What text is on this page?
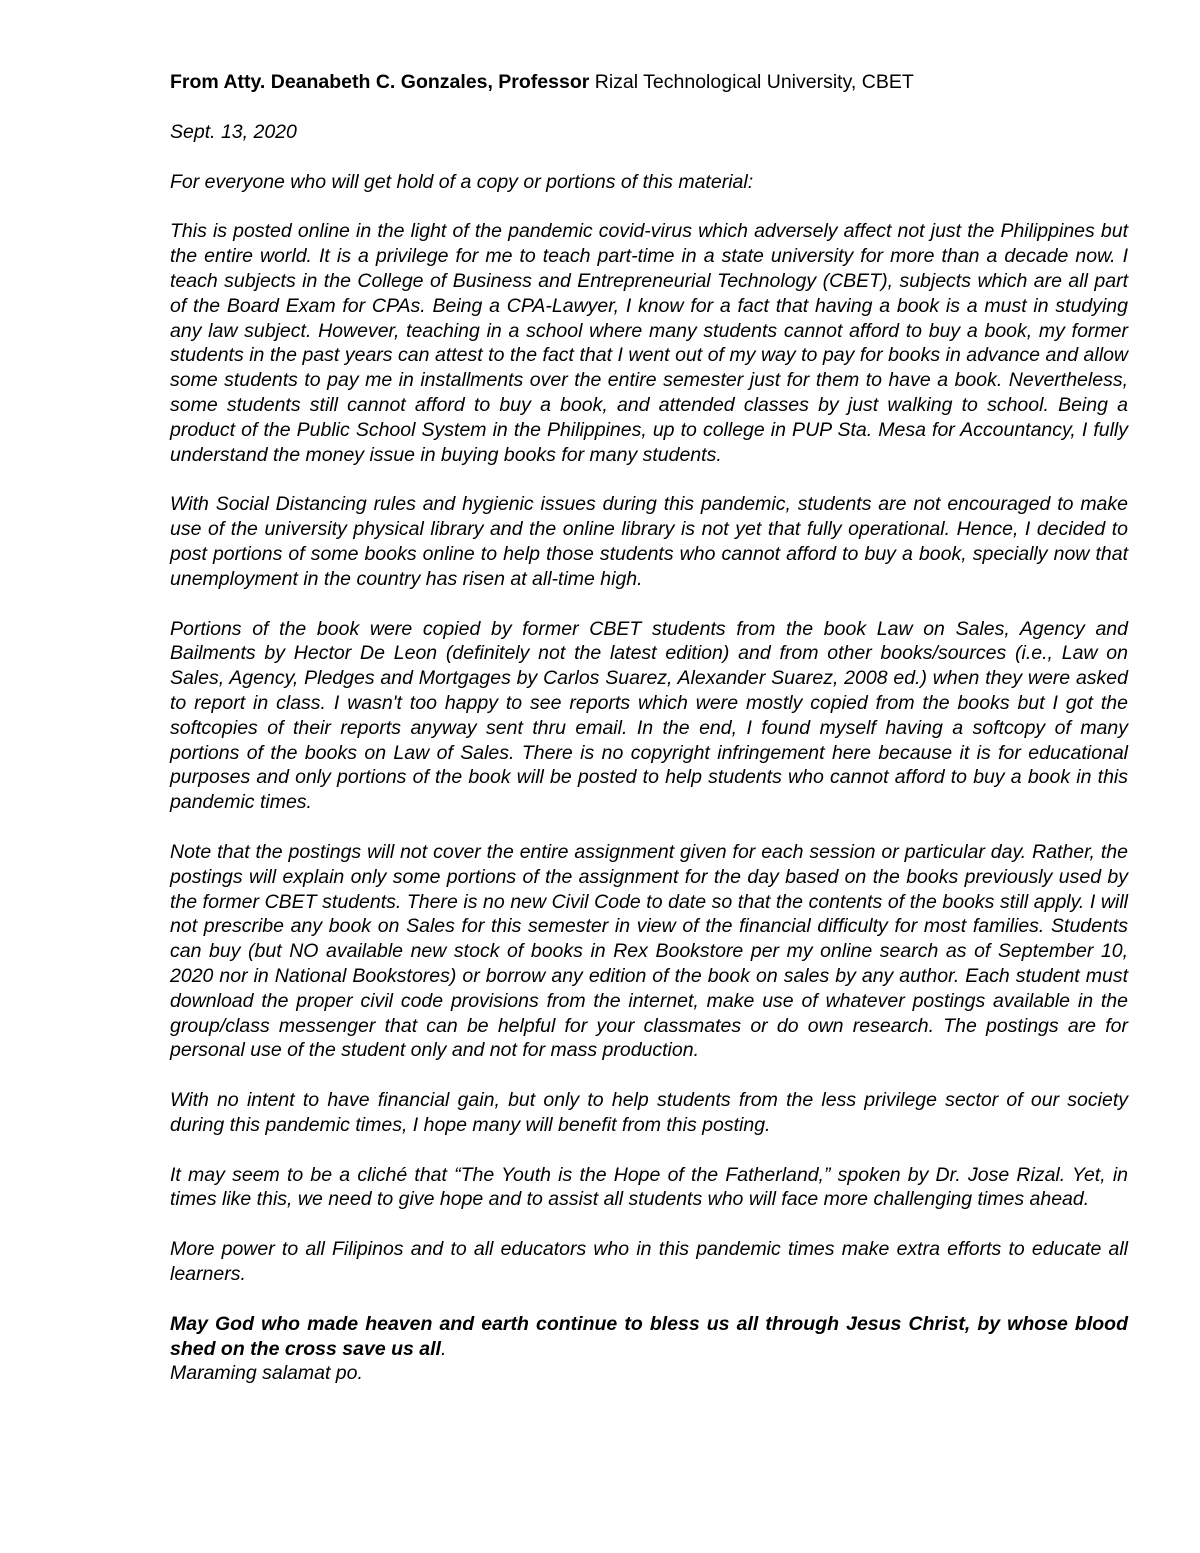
From Atty. Deanabeth C. Gonzales, Professor Rizal Technological University, CBET

Sept. 13, 2020

For everyone who will get hold of a copy or portions of this material:

This is posted online in the light of the pandemic covid-virus which adversely affect not just the Philippines but the entire world. It is a privilege for me to teach part-time in a state university for more than a decade now. I teach subjects in the College of Business and Entrepreneurial Technology (CBET), subjects which are all part of the Board Exam for CPAs. Being a CPA-Lawyer, I know for a fact that having a book is a must in studying any law subject. However, teaching in a school where many students cannot afford to buy a book, my former students in the past years can attest to the fact that I went out of my way to pay for books in advance and allow some students to pay me in installments over the entire semester just for them to have a book. Nevertheless, some students still cannot afford to buy a book, and attended classes by just walking to school. Being a product of the Public School System in the Philippines, up to college in PUP Sta. Mesa for Accountancy, I fully understand the money issue in buying books for many students.

With Social Distancing rules and hygienic issues during this pandemic, students are not encouraged to make use of the university physical library and the online library is not yet that fully operational. Hence, I decided to post portions of some books online to help those students who cannot afford to buy a book, specially now that unemployment in the country has risen at all-time high.

Portions of the book were copied by former CBET students from the book Law on Sales, Agency and Bailments by Hector De Leon (definitely not the latest edition) and from other books/sources (i.e., Law on Sales, Agency, Pledges and Mortgages by Carlos Suarez, Alexander Suarez, 2008 ed.) when they were asked to report in class. I wasn't too happy to see reports which were mostly copied from the books but I got the softcopies of their reports anyway sent thru email. In the end, I found myself having a softcopy of many portions of the books on Law of Sales. There is no copyright infringement here because it is for educational purposes and only portions of the book will be posted to help students who cannot afford to buy a book in this pandemic times.

Note that the postings will not cover the entire assignment given for each session or particular day. Rather, the postings will explain only some portions of the assignment for the day based on the books previously used by the former CBET students. There is no new Civil Code to date so that the contents of the books still apply. I will not prescribe any book on Sales for this semester in view of the financial difficulty for most families. Students can buy (but NO available new stock of books in Rex Bookstore per my online search as of September 10, 2020 nor in National Bookstores) or borrow any edition of the book on sales by any author. Each student must download the proper civil code provisions from the internet, make use of whatever postings available in the group/class messenger that can be helpful for your classmates or do own research. The postings are for personal use of the student only and not for mass production.

With no intent to have financial gain, but only to help students from the less privilege sector of our society during this pandemic times, I hope many will benefit from this posting.

It may seem to be a cliché that “The Youth is the Hope of the Fatherland,” spoken by Dr. Jose Rizal. Yet, in times like this, we need to give hope and to assist all students who will face more challenging times ahead.

More power to all Filipinos and to all educators who in this pandemic times make extra efforts to educate all learners.

May God who made heaven and earth continue to bless us all through Jesus Christ, by whose blood shed on the cross save us all.

Maraming salamat po.
